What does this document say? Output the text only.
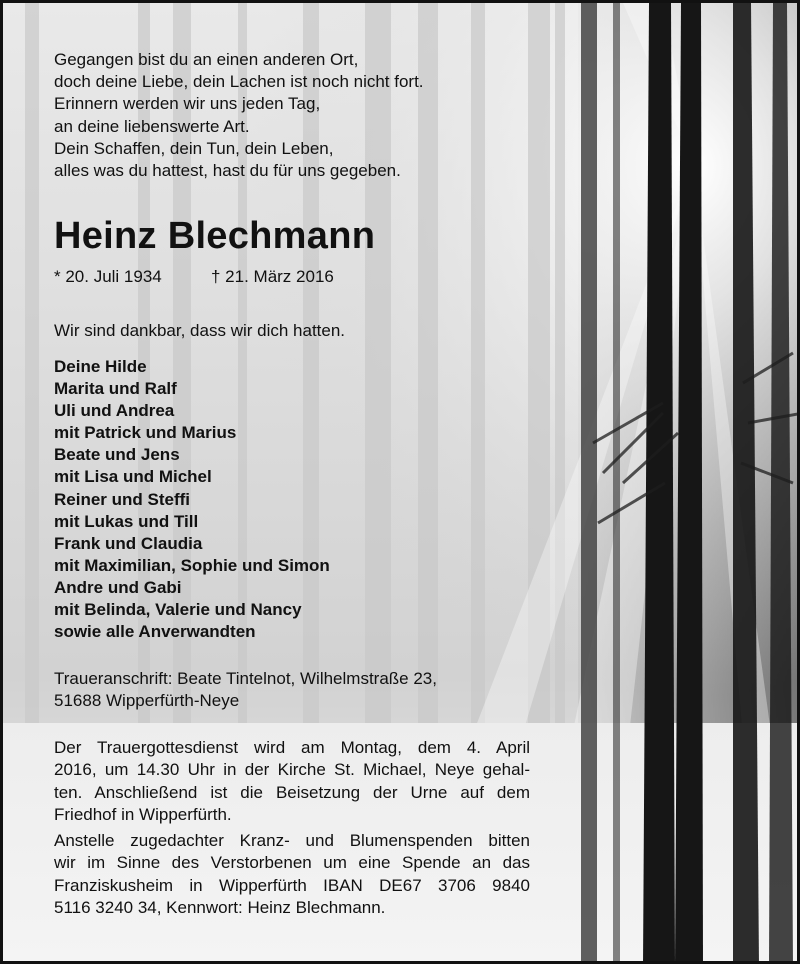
Gegangen bist du an einen anderen Ort,
doch deine Liebe, dein Lachen ist noch nicht fort.
Erinnern werden wir uns jeden Tag,
an deine liebenswerte Art.
Dein Schaffen, dein Tun, dein Leben,
alles was du hattest, hast du für uns gegeben.
Heinz Blechmann
* 20. Juli 1934	† 21. März 2016
Wir sind dankbar, dass wir dich hatten.
Deine Hilde
Marita und Ralf
Uli und Andrea
mit Patrick und Marius
Beate und Jens
mit Lisa und Michel
Reiner und Steffi
mit Lukas und Till
Frank und Claudia
mit Maximilian, Sophie und Simon
Andre und Gabi
mit Belinda, Valerie und Nancy
sowie alle Anverwandten
Traueranschrift: Beate Tintelnot, Wilhelmstraße 23,
51688 Wipperfürth-Neye
Der Trauergottesdienst wird am Montag, dem 4. April
2016, um 14.30 Uhr in der Kirche St. Michael, Neye gehal-
ten. Anschließend ist die Beisetzung der Urne auf dem
Friedhof in Wipperfürth.
Anstelle zugedachter Kranz- und Blumenspenden bitten
wir im Sinne des Verstorbenen um eine Spende an das
Franziskusheim in Wipperfürth IBAN DE67 3706 9840
5116 3240 34, Kennwort: Heinz Blechmann.
